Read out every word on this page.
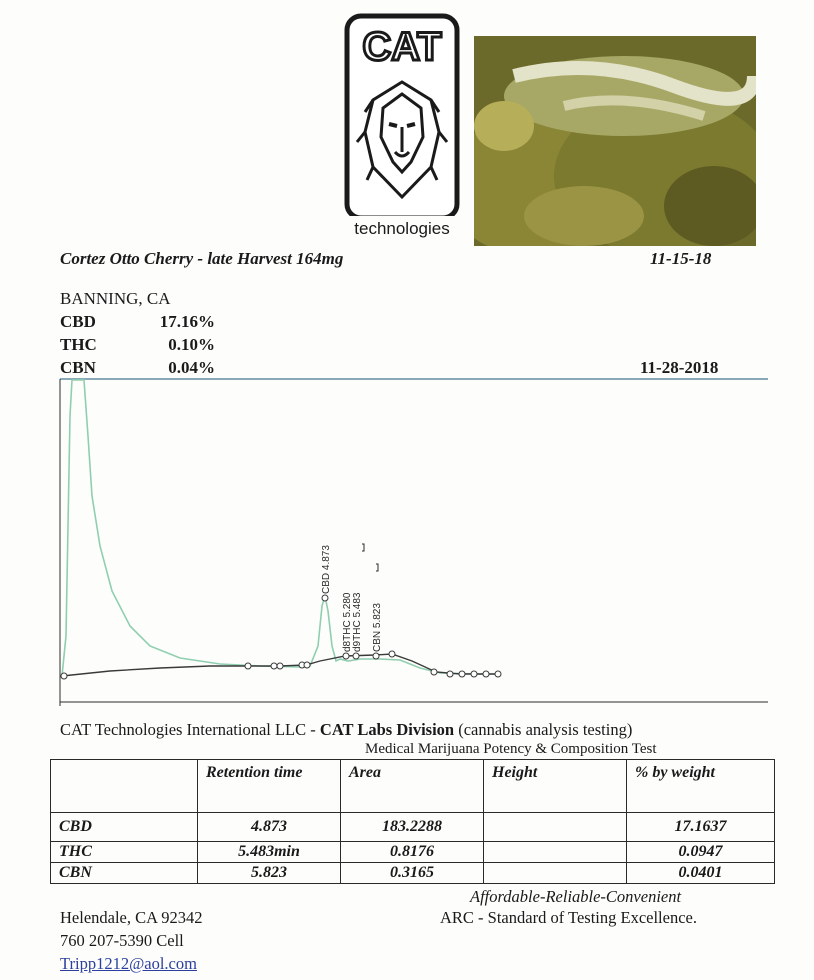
CAT
technologies
Cortez Otto Cherry - late Harvest 164mg	11-15-18
BANNING, CA
CBD	17.16%
THC	0.10%
CBN	0.04%	11-28-2018
CBD 4.873
d8THC 5.280 d9THC 5.483 CBN 5.823
CAT Technologies International LLC - CAT Labs Division (cannabis analysis testing)
Medical Marijuana Potency & Composition Test
	Retention time	Area	Height	% by weight
CBD	4.873	183.2288		17.1637
THC	5.483min	0.8176		0.0947
CBN	5.823	0.3165		0.0401
Affordable-Reliable-Convenient
ARC - Standard of Testing Excellence.
Helendale, CA 92342
760 207-5390 Cell
Tripp1212@aol.com
